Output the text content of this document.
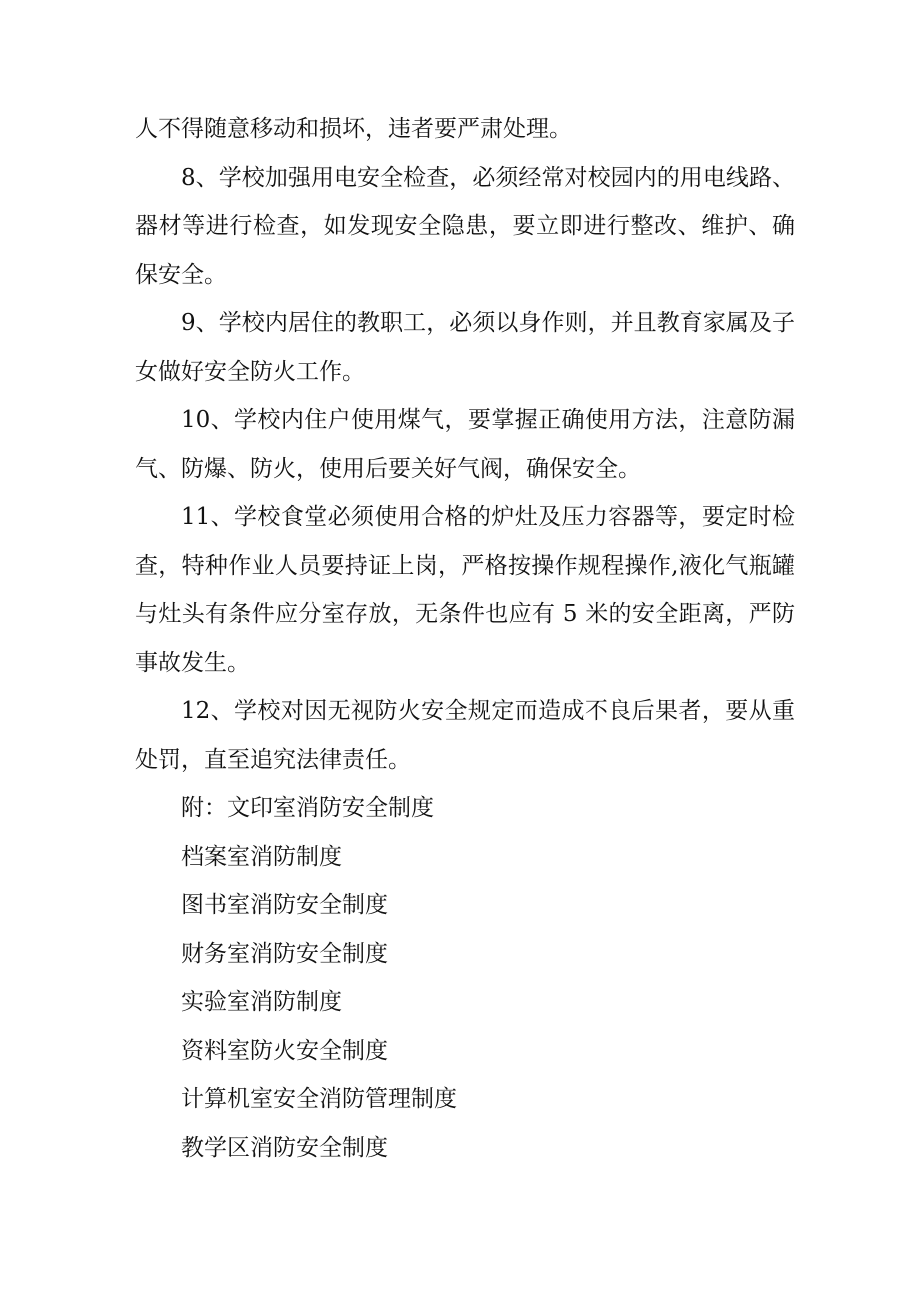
人不得随意移动和损坏，违者要严肃处理。
8、学校加强用电安全检查，必须经常对校园内的用电线路、
器材等进行检查，如发现安全隐患，要立即进行整改、维护、确
保安全。
9、学校内居住的教职工，必须以身作则，并且教育家属及子
女做好安全防火工作。
10、学校内住户使用煤气，要掌握正确使用方法，注意防漏
气、防爆、防火，使用后要关好气阀，确保安全。
11、学校食堂必须使用合格的炉灶及压力容器等，要定时检
查，特种作业人员要持证上岗，严格按操作规程操作,液化气瓶罐
与灶头有条件应分室存放，无条件也应有 5 米的安全距离，严防
事故发生。
12、学校对因无视防火安全规定而造成不良后果者，要从重
处罚，直至追究法律责任。
附：文印室消防安全制度
档案室消防制度
图书室消防安全制度
财务室消防安全制度
实验室消防制度
资料室防火安全制度
计算机室安全消防管理制度
教学区消防安全制度
